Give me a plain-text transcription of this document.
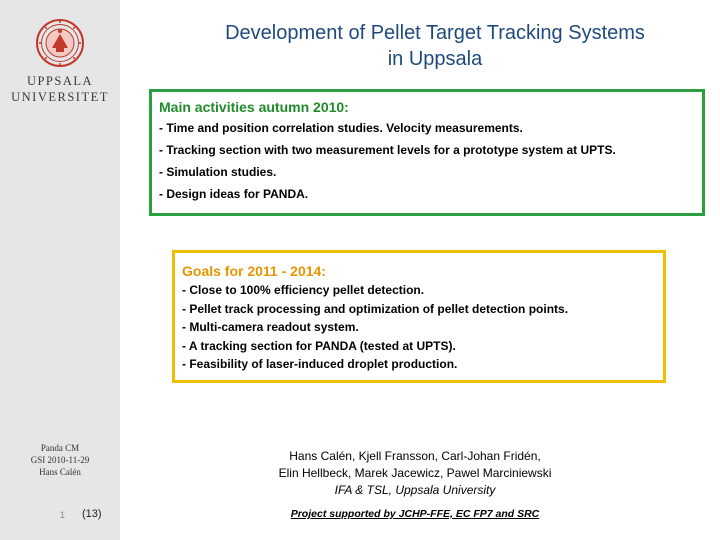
UPPSALA
UNIVERSITET
Panda CM
GSI 2010-11-29
Hans Calén
1 (13)
Development of Pellet Target Tracking Systems
in Uppsala
Main activities autumn 2010:
- Time and position correlation studies. Velocity measurements.
- Tracking section with two measurement levels for a prototype system at UPTS.
- Simulation studies.
- Design ideas for PANDA.
Goals for 2011 - 2014:
- Close to 100% efficiency pellet detection.
- Pellet track processing and optimization of pellet detection points.
- Multi-camera readout system.
- A tracking section for PANDA (tested at UPTS).
- Feasibility of laser-induced droplet production.
Hans Calén, Kjell Fransson, Carl-Johan Fridén,
Elin Hellbeck, Marek Jacewicz, Pawel Marciniewski
IFA & TSL, Uppsala University
Project supported by JCHP-FFE, EC FP7 and SRC
